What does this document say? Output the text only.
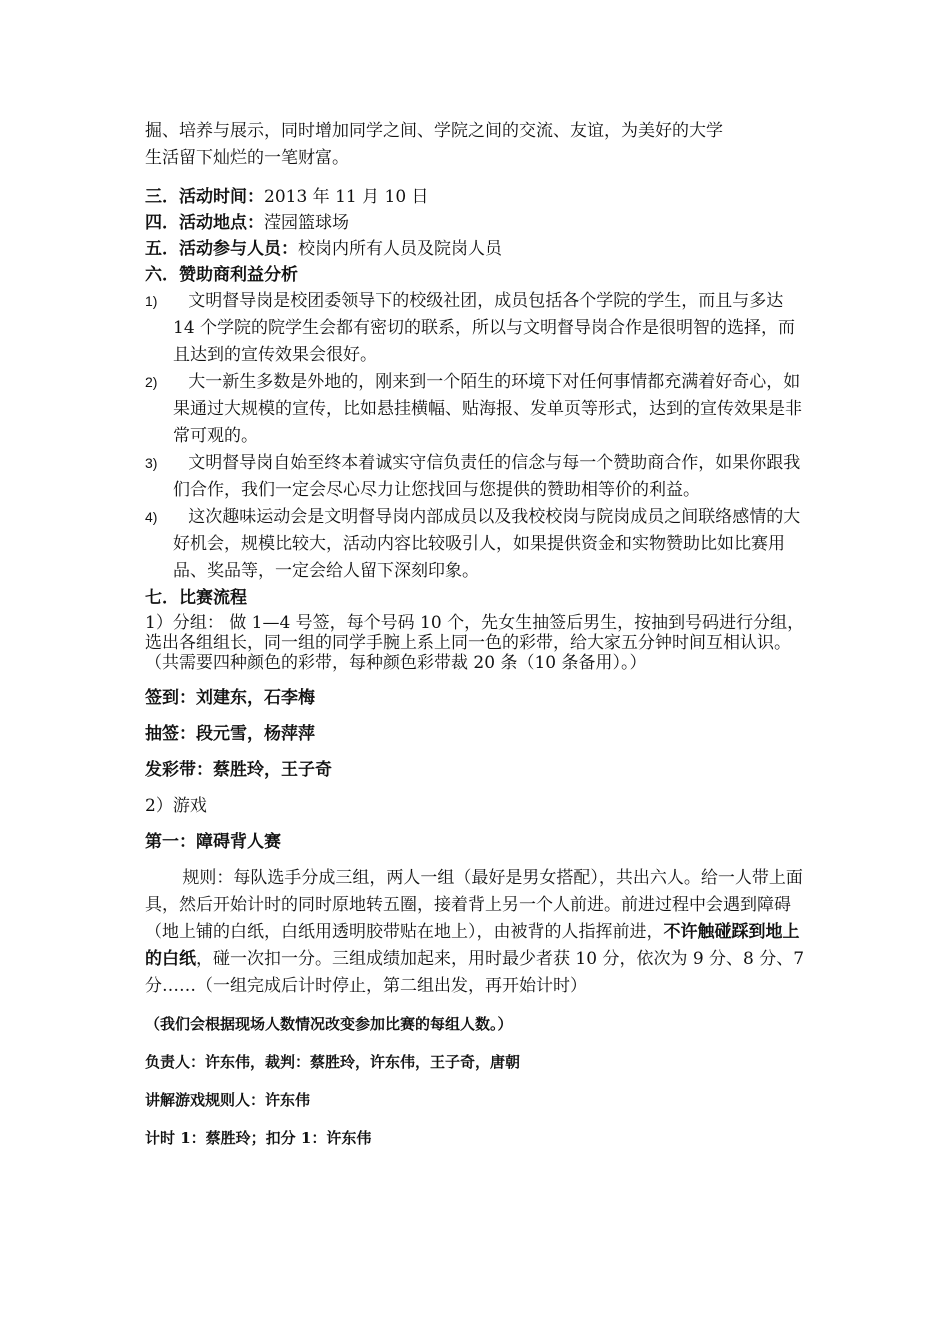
掘、培养与展示，同时增加同学之间、学院之间的交流、友谊，为美好的大学

生活留下灿烂的一笔财富。

三．活动时间：2013 年 11 月 10 日

四．活动地点：滢园篮球场

五．活动参与人员：校岗内所有人员及院岗人员

六．赞助商利益分析

1)	文明督导岗是校团委领导下的校级社团，成员包括各个学院的学生，而且与多达 14 个学院的院学生会都有密切的联系，所以与文明督导岗合作是很明智的选择，而且达到的宣传效果会很好。
2)	大一新生多数是外地的，刚来到一个陌生的环境下对任何事情都充满着好奇心，如果通过大规模的宣传，比如悬挂横幅、贴海报、发单页等形式，达到的宣传效果是非常可观的。
3)	文明督导岗自始至终本着诚实守信负责任的信念与每一个赞助商合作，如果你跟我们合作，我们一定会尽心尽力让您找回与您提供的赞助相等价的利益。
4)	这次趣味运动会是文明督导岗内部成员以及我校校岗与院岗成员之间联络感情的大好机会，规模比较大，活动内容比较吸引人，如果提供资金和实物赞助比如比赛用品、奖品等，一定会给人留下深刻印象。

七．比赛流程

1）分组： 做 1—4 号签，每个号码 10 个，先女生抽签后男生，按抽到号码进行分组，选出各组组长，同一组的同学手腕上系上同一色的彩带，给大家五分钟时间互相认识。（共需要四种颜色的彩带，每种颜色彩带裁 20 条（10 条备用）。）

签到：刘建东，石李梅

抽签：段元雪，杨萍萍

发彩带：蔡胜玲，王子奇

2）游戏

第一：障碍背人赛

规则：每队选手分成三组，两人一组（最好是男女搭配），共出六人。给一人带上面具，然后开始计时的同时原地转五圈，接着背上另一个人前进。前进过程中会遇到障碍（地上铺的白纸，白纸用透明胶带贴在地上），由被背的人指挥前进，不许触碰踩到地上的白纸，碰一次扣一分。三组成绩加起来，用时最少者获 10 分，依次为 9 分、8 分、7 分……（一组完成后计时停止，第二组出发，再开始计时）

（我们会根据现场人数情况改变参加比赛的每组人数。）

负责人：许东伟，裁判：蔡胜玲，许东伟，王子奇，唐朝

讲解游戏规则人：许东伟

计时 1：蔡胜玲；扣分 1：许东伟
